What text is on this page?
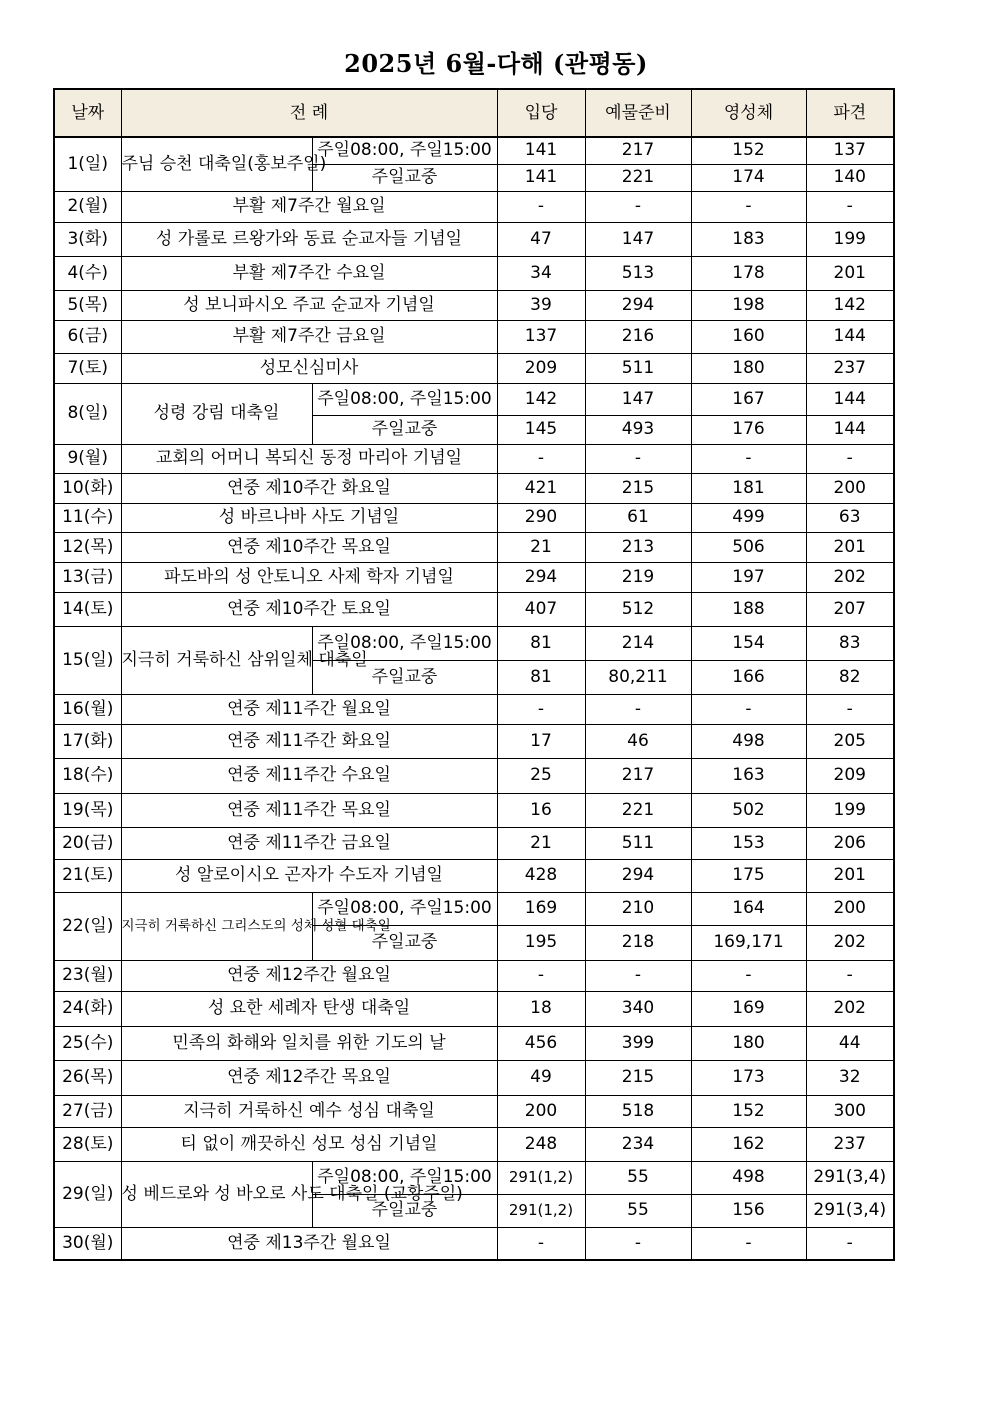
2025년 6월-다해 (관평동)
날짜	전 례		입당	예물준비	영성체	파견
1(일)	주님 승천 대축일(홍보주일)	주일08:00, 주일15:00	141	217	152	137
		주일교중	141	221	174	140
2(월)	부활 제7주간 월요일		-	-	-	-
3(화)	성 가롤로 르왕가와 동료 순교자들 기념일		47	147	183	199
4(수)	부활 제7주간 수요일		34	513	178	201
5(목)	성 보니파시오 주교 순교자 기념일		39	294	198	142
6(금)	부활 제7주간 금요일		137	216	160	144
7(토)	성모신심미사		209	511	180	237
8(일)	성령 강림 대축일	주일08:00, 주일15:00	142	147	167	144
		주일교중	145	493	176	144
9(월)	교회의 어머니 복되신 동정 마리아 기념일		-	-	-	-
10(화)	연중 제10주간 화요일		421	215	181	200
11(수)	성 바르나바 사도 기념일		290	61	499	63
12(목)	연중 제10주간 목요일		21	213	506	201
13(금)	파도바의 성 안토니오 사제 학자 기념일		294	219	197	202
14(토)	연중 제10주간 토요일		407	512	188	207
15(일)	지극히 거룩하신 삼위일체 대축일	주일08:00, 주일15:00	81	214	154	83
		주일교중	81	80,211	166	82
16(월)	연중 제11주간 월요일		-	-	-	-
17(화)	연중 제11주간 화요일		17	46	498	205
18(수)	연중 제11주간 수요일		25	217	163	209
19(목)	연중 제11주간 목요일		16	221	502	199
20(금)	연중 제11주간 금요일		21	511	153	206
21(토)	성 알로이시오 곤자가 수도자 기념일		428	294	175	201
22(일)	지극히 거룩하신 그리스도의 성체 성혈 대축일	주일08:00, 주일15:00	169	210	164	200
		주일교중	195	218	169,171	202
23(월)	연중 제12주간 월요일		-	-	-	-
24(화)	성 요한 세례자 탄생 대축일		18	340	169	202
25(수)	민족의 화해와 일치를 위한 기도의 날		456	399	180	44
26(목)	연중 제12주간 목요일		49	215	173	32
27(금)	지극히 거룩하신 예수 성심 대축일		200	518	152	300
28(토)	티 없이 깨끗하신 성모 성심 기념일		248	234	162	237
29(일)	성 베드로와 성 바오로 사도 대축일 (교황주일)	주일08:00, 주일15:00	291(1,2)	55	498	291(3,4)
		주일교중	291(1,2)	55	156	291(3,4)
30(월)	연중 제13주간 월요일		-	-	-	-
